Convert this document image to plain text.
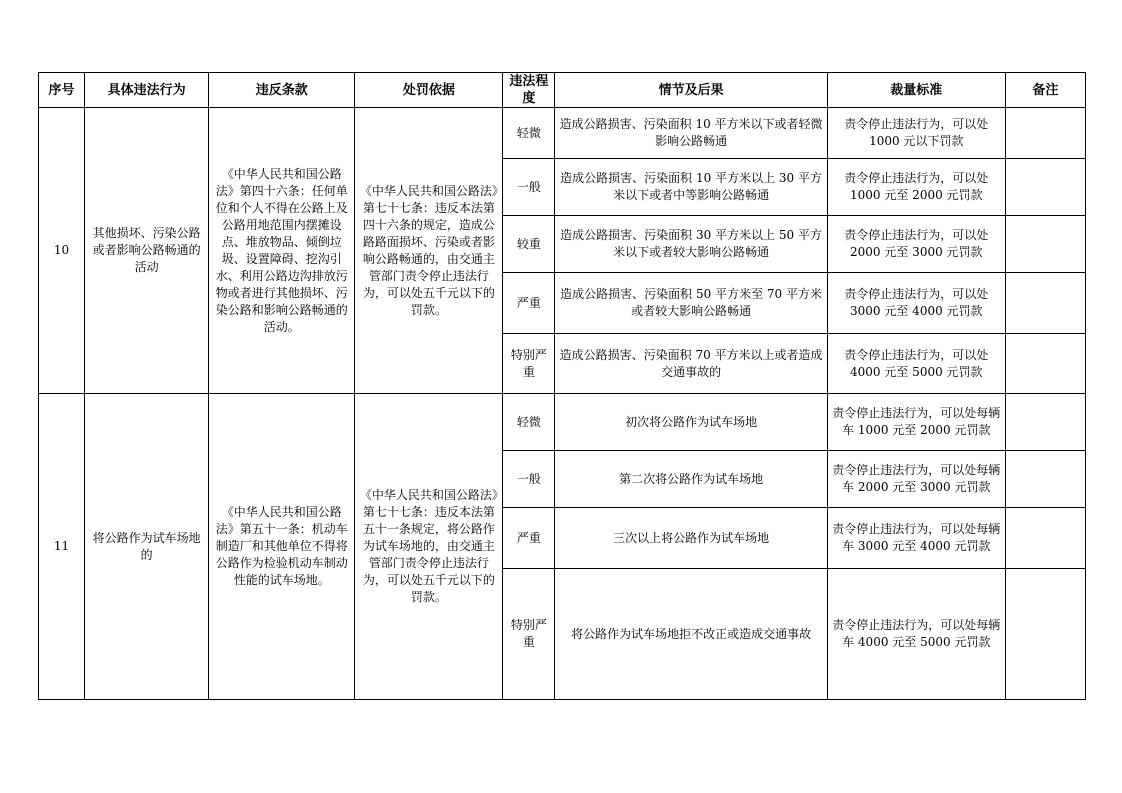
序号	具体违法行为	违反条款	处罚依据	违法程度	情节及后果	裁量标准	备注
10	其他损坏、污染公路或者影响公路畅通的活动	《中华人民共和国公路法》第四十六条：任何单位和个人不得在公路上及公路用地范围内摆摊设点、堆放物品、倾倒垃圾、设置障碍、挖沟引水、利用公路边沟排放污物或者进行其他损坏、污染公路和影响公路畅通的活动。	《中华人民共和国公路法》第七十七条：违反本法第四十六条的规定，造成公路路面损坏、污染或者影响公路畅通的，由交通主管部门责令停止违法行为，可以处五千元以下的罚款。	轻微	造成公路损害、污染面积 10 平方米以下或者轻微影响公路畅通	责令停止违法行为，可以处 1000 元以下罚款	
				一般	造成公路损害、污染面积 10 平方米以上 30 平方米以下或者中等影响公路畅通	责令停止违法行为，可以处 1000 元至 2000 元罚款	
				较重	造成公路损害、污染面积 30 平方米以上 50 平方米以下或者较大影响公路畅通	责令停止违法行为，可以处 2000 元至 3000 元罚款	
				严重	造成公路损害、污染面积 50 平方米至 70 平方米或者较大影响公路畅通	责令停止违法行为，可以处 3000 元至 4000 元罚款	
				特别严重	造成公路损害、污染面积 70 平方米以上或者造成交通事故的	责令停止违法行为，可以处 4000 元至 5000 元罚款	
11	将公路作为试车场地的	《中华人民共和国公路法》第五十一条：机动车制造厂和其他单位不得将公路作为检验机动车制动性能的试车场地。	《中华人民共和国公路法》第七十七条：违反本法第五十一条规定，将公路作为试车场地的，由交通主管部门责令停止违法行为，可以处五千元以下的罚款。	轻微	初次将公路作为试车场地	责令停止违法行为，可以处每辆车 1000 元至 2000 元罚款	
				一般	第二次将公路作为试车场地	责令停止违法行为，可以处每辆车 2000 元至 3000 元罚款	
				严重	三次以上将公路作为试车场地	责令停止违法行为，可以处每辆车 3000 元至 4000 元罚款	
				特别严重	将公路作为试车场地拒不改正或造成交通事故	责令停止违法行为，可以处每辆车 4000 元至 5000 元罚款	
